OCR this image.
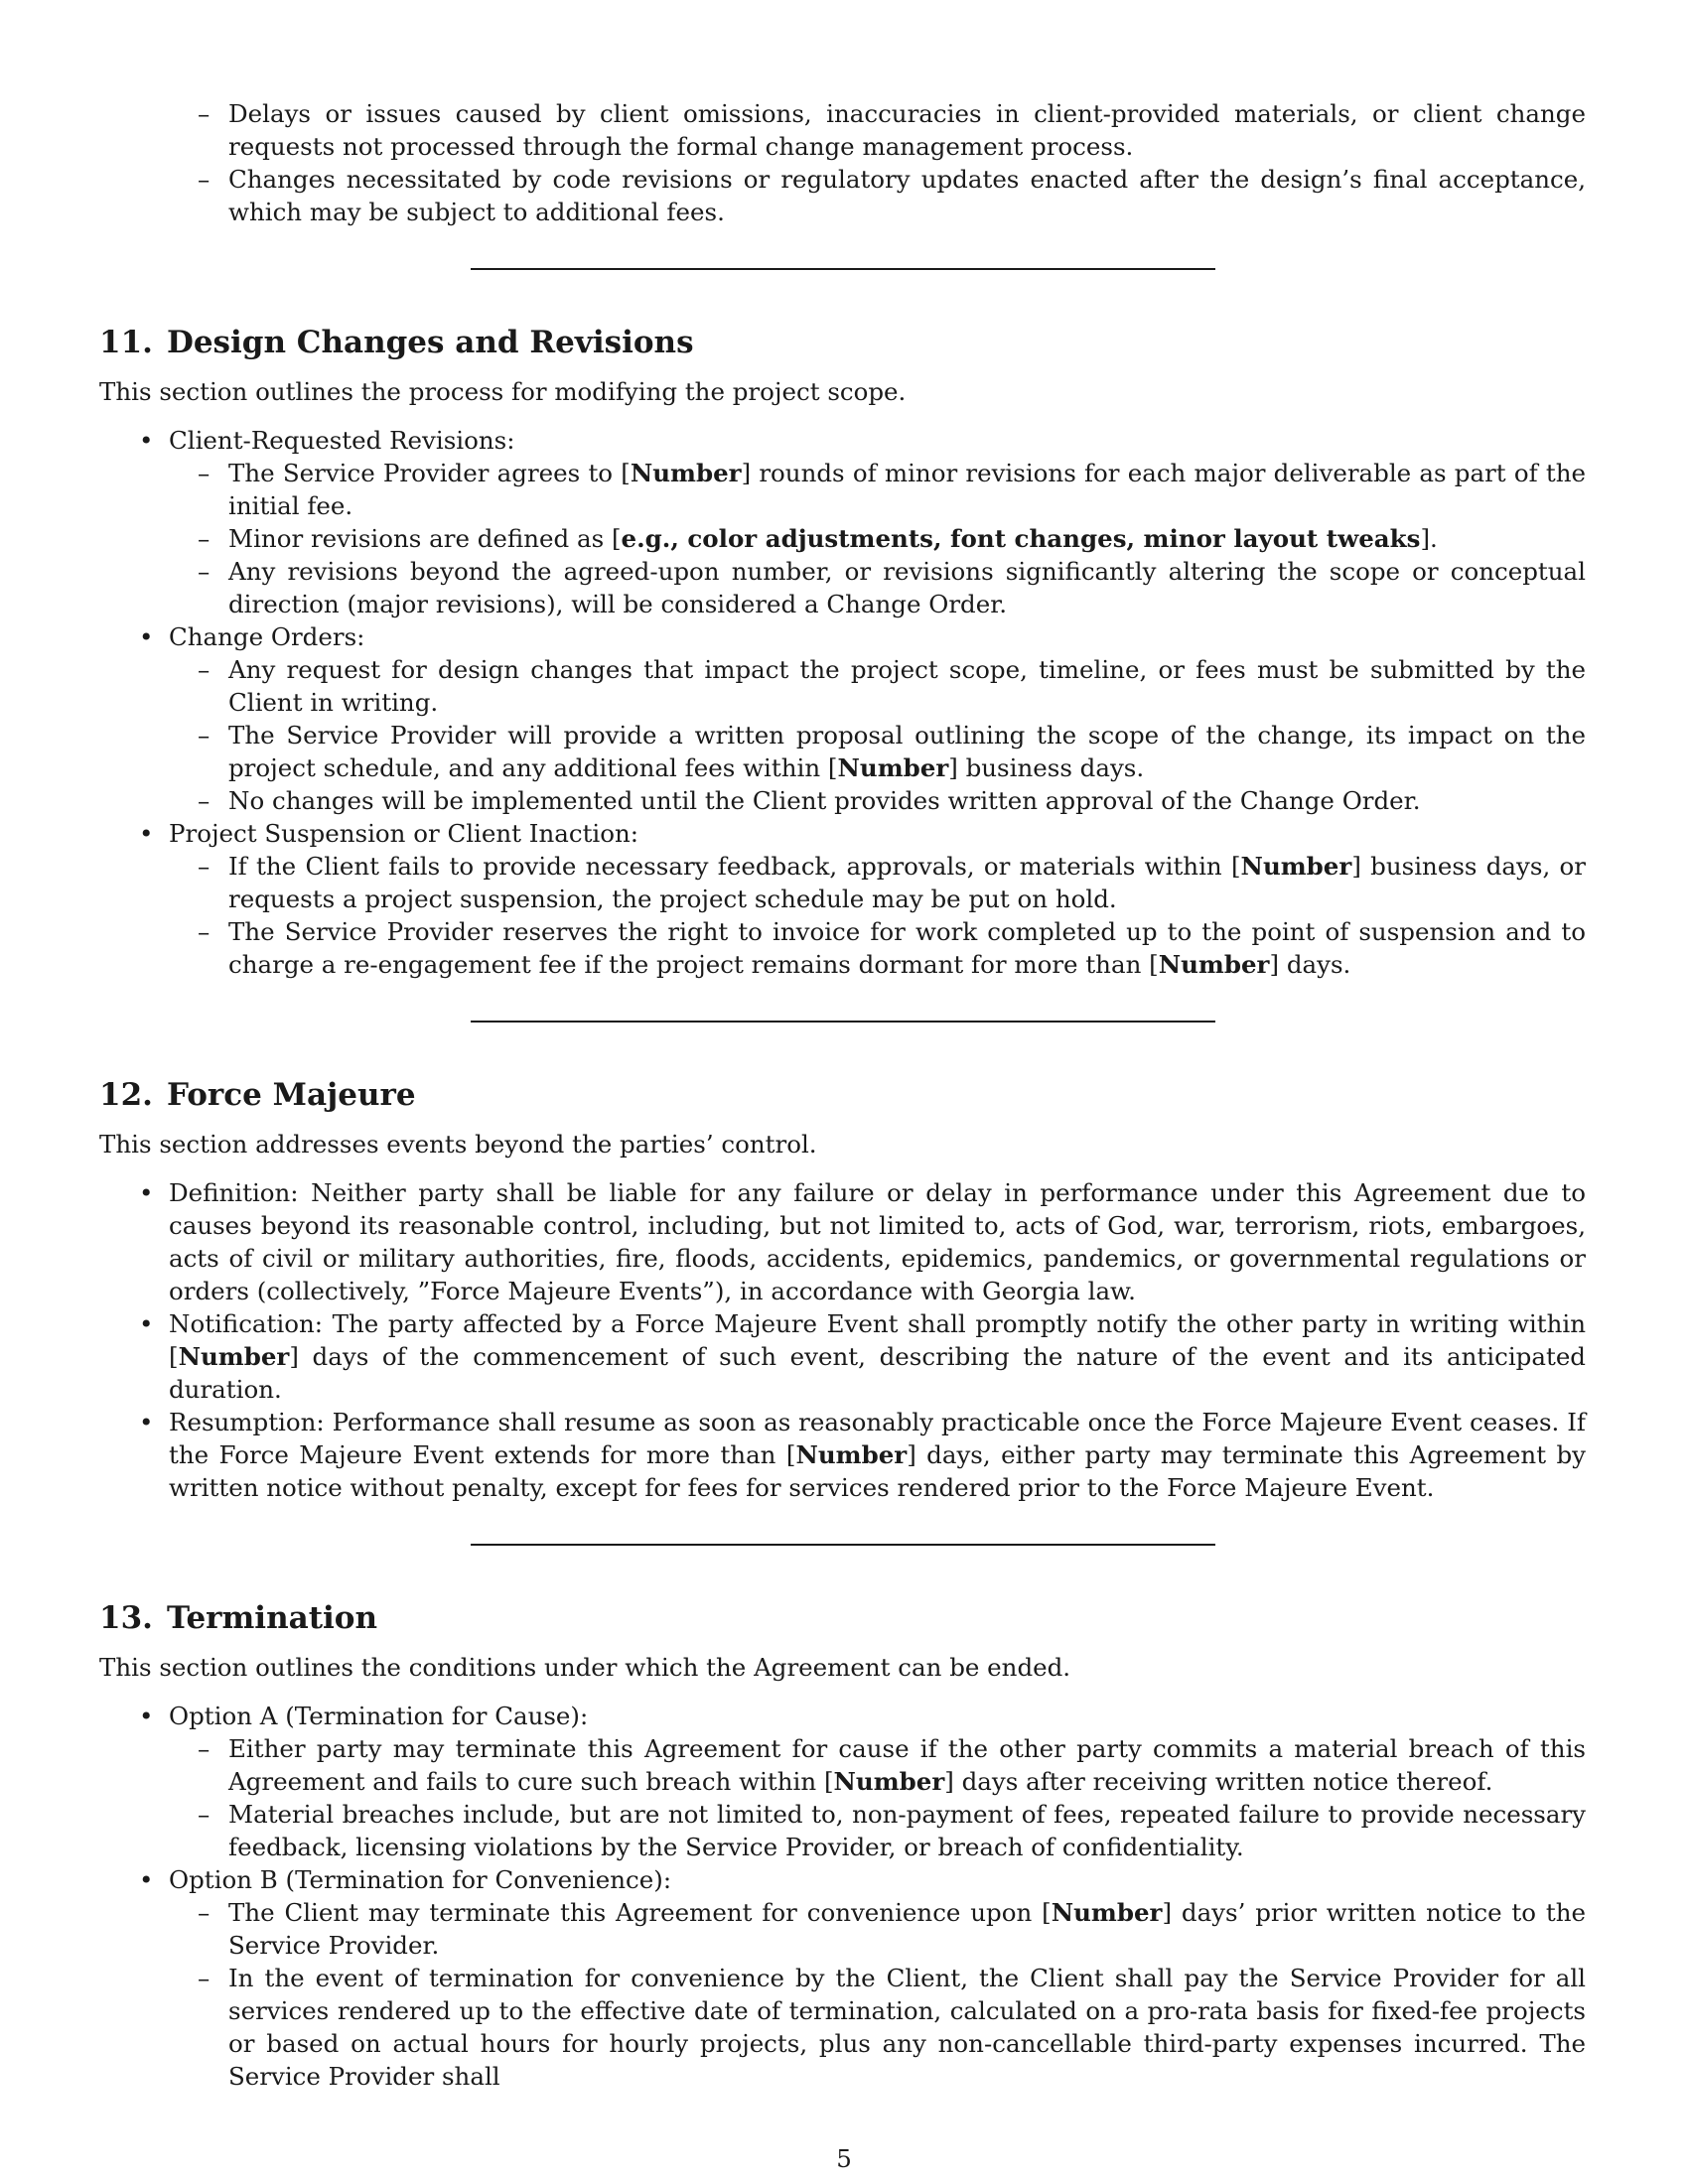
– Delays or issues caused by client omissions, inaccuracies in client-provided materials, or client change requests not processed through the formal change management process.
– Changes necessitated by code revisions or regulatory updates enacted after the design’s final acceptance, which may be subject to additional fees.
11. Design Changes and Revisions

This section outlines the process for modifying the project scope.

• Client-Requested Revisions:
– The Service Provider agrees to [Number] rounds of minor revisions for each major deliverable as part of the initial fee.
– Minor revisions are defined as [e.g., color adjustments, font changes, minor layout tweaks].
– Any revisions beyond the agreed-upon number, or revisions significantly altering the scope or conceptual direction (major revisions), will be considered a Change Order.
• Change Orders:
– Any request for design changes that impact the project scope, timeline, or fees must be submitted by the Client in writing.
– The Service Provider will provide a written proposal outlining the scope of the change, its impact on the project schedule, and any additional fees within [Number] business days.
– No changes will be implemented until the Client provides written approval of the Change Order.
• Project Suspension or Client Inaction:
– If the Client fails to provide necessary feedback, approvals, or materials within [Number] business days, or requests a project suspension, the project schedule may be put on hold.
– The Service Provider reserves the right to invoice for work completed up to the point of suspension and to charge a re-engagement fee if the project remains dormant for more than [Number] days.
12. Force Majeure

This section addresses events beyond the parties’ control.

• Definition: Neither party shall be liable for any failure or delay in performance under this Agreement due to causes beyond its reasonable control, including, but not limited to, acts of God, war, terrorism, riots, embargoes, acts of civil or military authorities, fire, floods, accidents, epidemics, pandemics, or governmental regulations or orders (collectively, ”Force Majeure Events”), in accordance with Georgia law.
• Notification: The party affected by a Force Majeure Event shall promptly notify the other party in writing within [Number] days of the commencement of such event, describing the nature of the event and its anticipated duration.
• Resumption: Performance shall resume as soon as reasonably practicable once the Force Majeure Event ceases. If the Force Majeure Event extends for more than [Number] days, either party may terminate this Agreement by written notice without penalty, except for fees for services rendered prior to the Force Majeure Event.
13. Termination

This section outlines the conditions under which the Agreement can be ended.

• Option A (Termination for Cause):
– Either party may terminate this Agreement for cause if the other party commits a material breach of this Agreement and fails to cure such breach within [Number] days after receiving written notice thereof.
– Material breaches include, but are not limited to, non-payment of fees, repeated failure to provide necessary feedback, licensing violations by the Service Provider, or breach of confidentiality.
• Option B (Termination for Convenience):
– The Client may terminate this Agreement for convenience upon [Number] days’ prior written notice to the Service Provider.
– In the event of termination for convenience by the Client, the Client shall pay the Service Provider for all services rendered up to the effective date of termination, calculated on a pro-rata basis for fixed-fee projects or based on actual hours for hourly projects, plus any non-cancellable third-party expenses incurred. The Service Provider shall
5
